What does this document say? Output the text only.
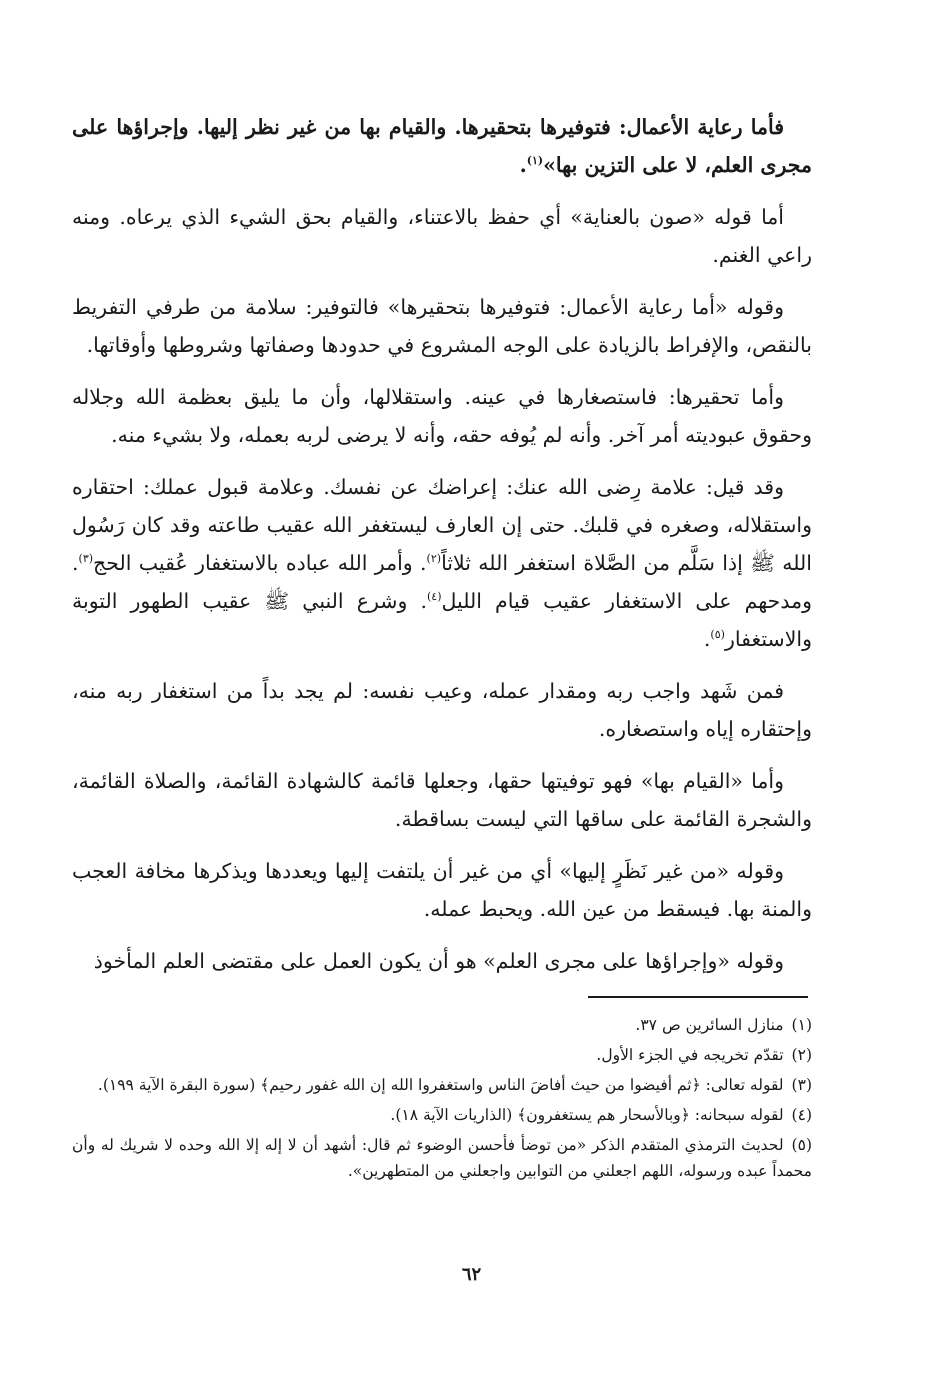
فأما رعاية الأعمال: فتوفيرها بتحقيرها. والقيام بها من غير نظر إليها. وإجراؤها على مجرى العلم، لا على التزين بها»$^{(١)}$.

أما قوله «صون بالعناية» أي حفظ بالاعتناء، والقيام بحق الشيء الذي يرعاه. ومنه راعي الغنم.

وقوله «أما رعاية الأعمال: فتوفيرها بتحقيرها» فالتوفير: سلامة من طرفي التفريط بالنقص، والإفراط بالزيادة على الوجه المشروع في حدودها وصفاتها وشروطها وأوقاتها.

وأما تحقيرها: فاستصغارها في عينه. واستقلالها، وأن ما يليق بعظمة الله وجلاله وحقوق عبوديته أمر آخر. وأنه لم يُوفه حقه، وأنه لا يرضى لربه بعمله، ولا بشيء منه.

وقد قيل: علامة رِضى الله عنك: إعراضك عن نفسك. وعلامة قبول عملك: احتقاره واستقلاله، وصغره في قلبك. حتى إن العارف ليستغفر الله عقيب طاعته وقد كان رَسُول الله ﷺ إذا سَلَّم من الصَّلاة استغفر الله ثلاثاً$^{(٢)}$. وأمر الله عباده بالاستغفار عُقيب الحج$^{(٣)}$. ومدحهم على الاستغفار عقيب قيام الليل$^{(٤)}$. وشرع النبي ﷺ عقيب الطهور التوبة والاستغفار$^{(٥)}$.

فمن شَهد واجب ربه ومقدار عمله، وعيب نفسه: لم يجد بداً من استغفار ربه منه، وإحتقاره إياه واستصغاره.

وأما «القيام بها» فهو توفيتها حقها، وجعلها قائمة كالشهادة القائمة، والصلاة القائمة، والشجرة القائمة على ساقها التي ليست بساقطة.

وقوله «من غير نَظَرٍ إليها» أي من غير أن يلتفت إليها ويعددها ويذكرها مخافة العجب والمنة بها. فيسقط من عين الله. ويحبط عمله.

وقوله «وإجراؤها على مجرى العلم» هو أن يكون العمل على مقتضى العلم المأخوذ

(١)منازل السائرين ص ٣٧.

(٢)تقدّم تخريجه في الجزء الأول.

(٣)لقوله تعالى: ﴿ثم أفيضوا من حيث أفاضَ الناس واستغفروا الله إن الله غفور رحيم﴾ (سورة البقرة الآية ١٩٩).

(٤)لقوله سبحانه: ﴿وبالأسحار هم يستغفرون﴾ (الذاريات الآية ١٨).

(٥)لحديث الترمذي المتقدم الذكر «من توضأ فأحسن الوضوء ثم قال: أشهد أن لا إله إلا الله وحده لا شريك له وأن محمداً عبده ورسوله، اللهم اجعلني من التوابين واجعلني من المتطهرين».

٦٢
